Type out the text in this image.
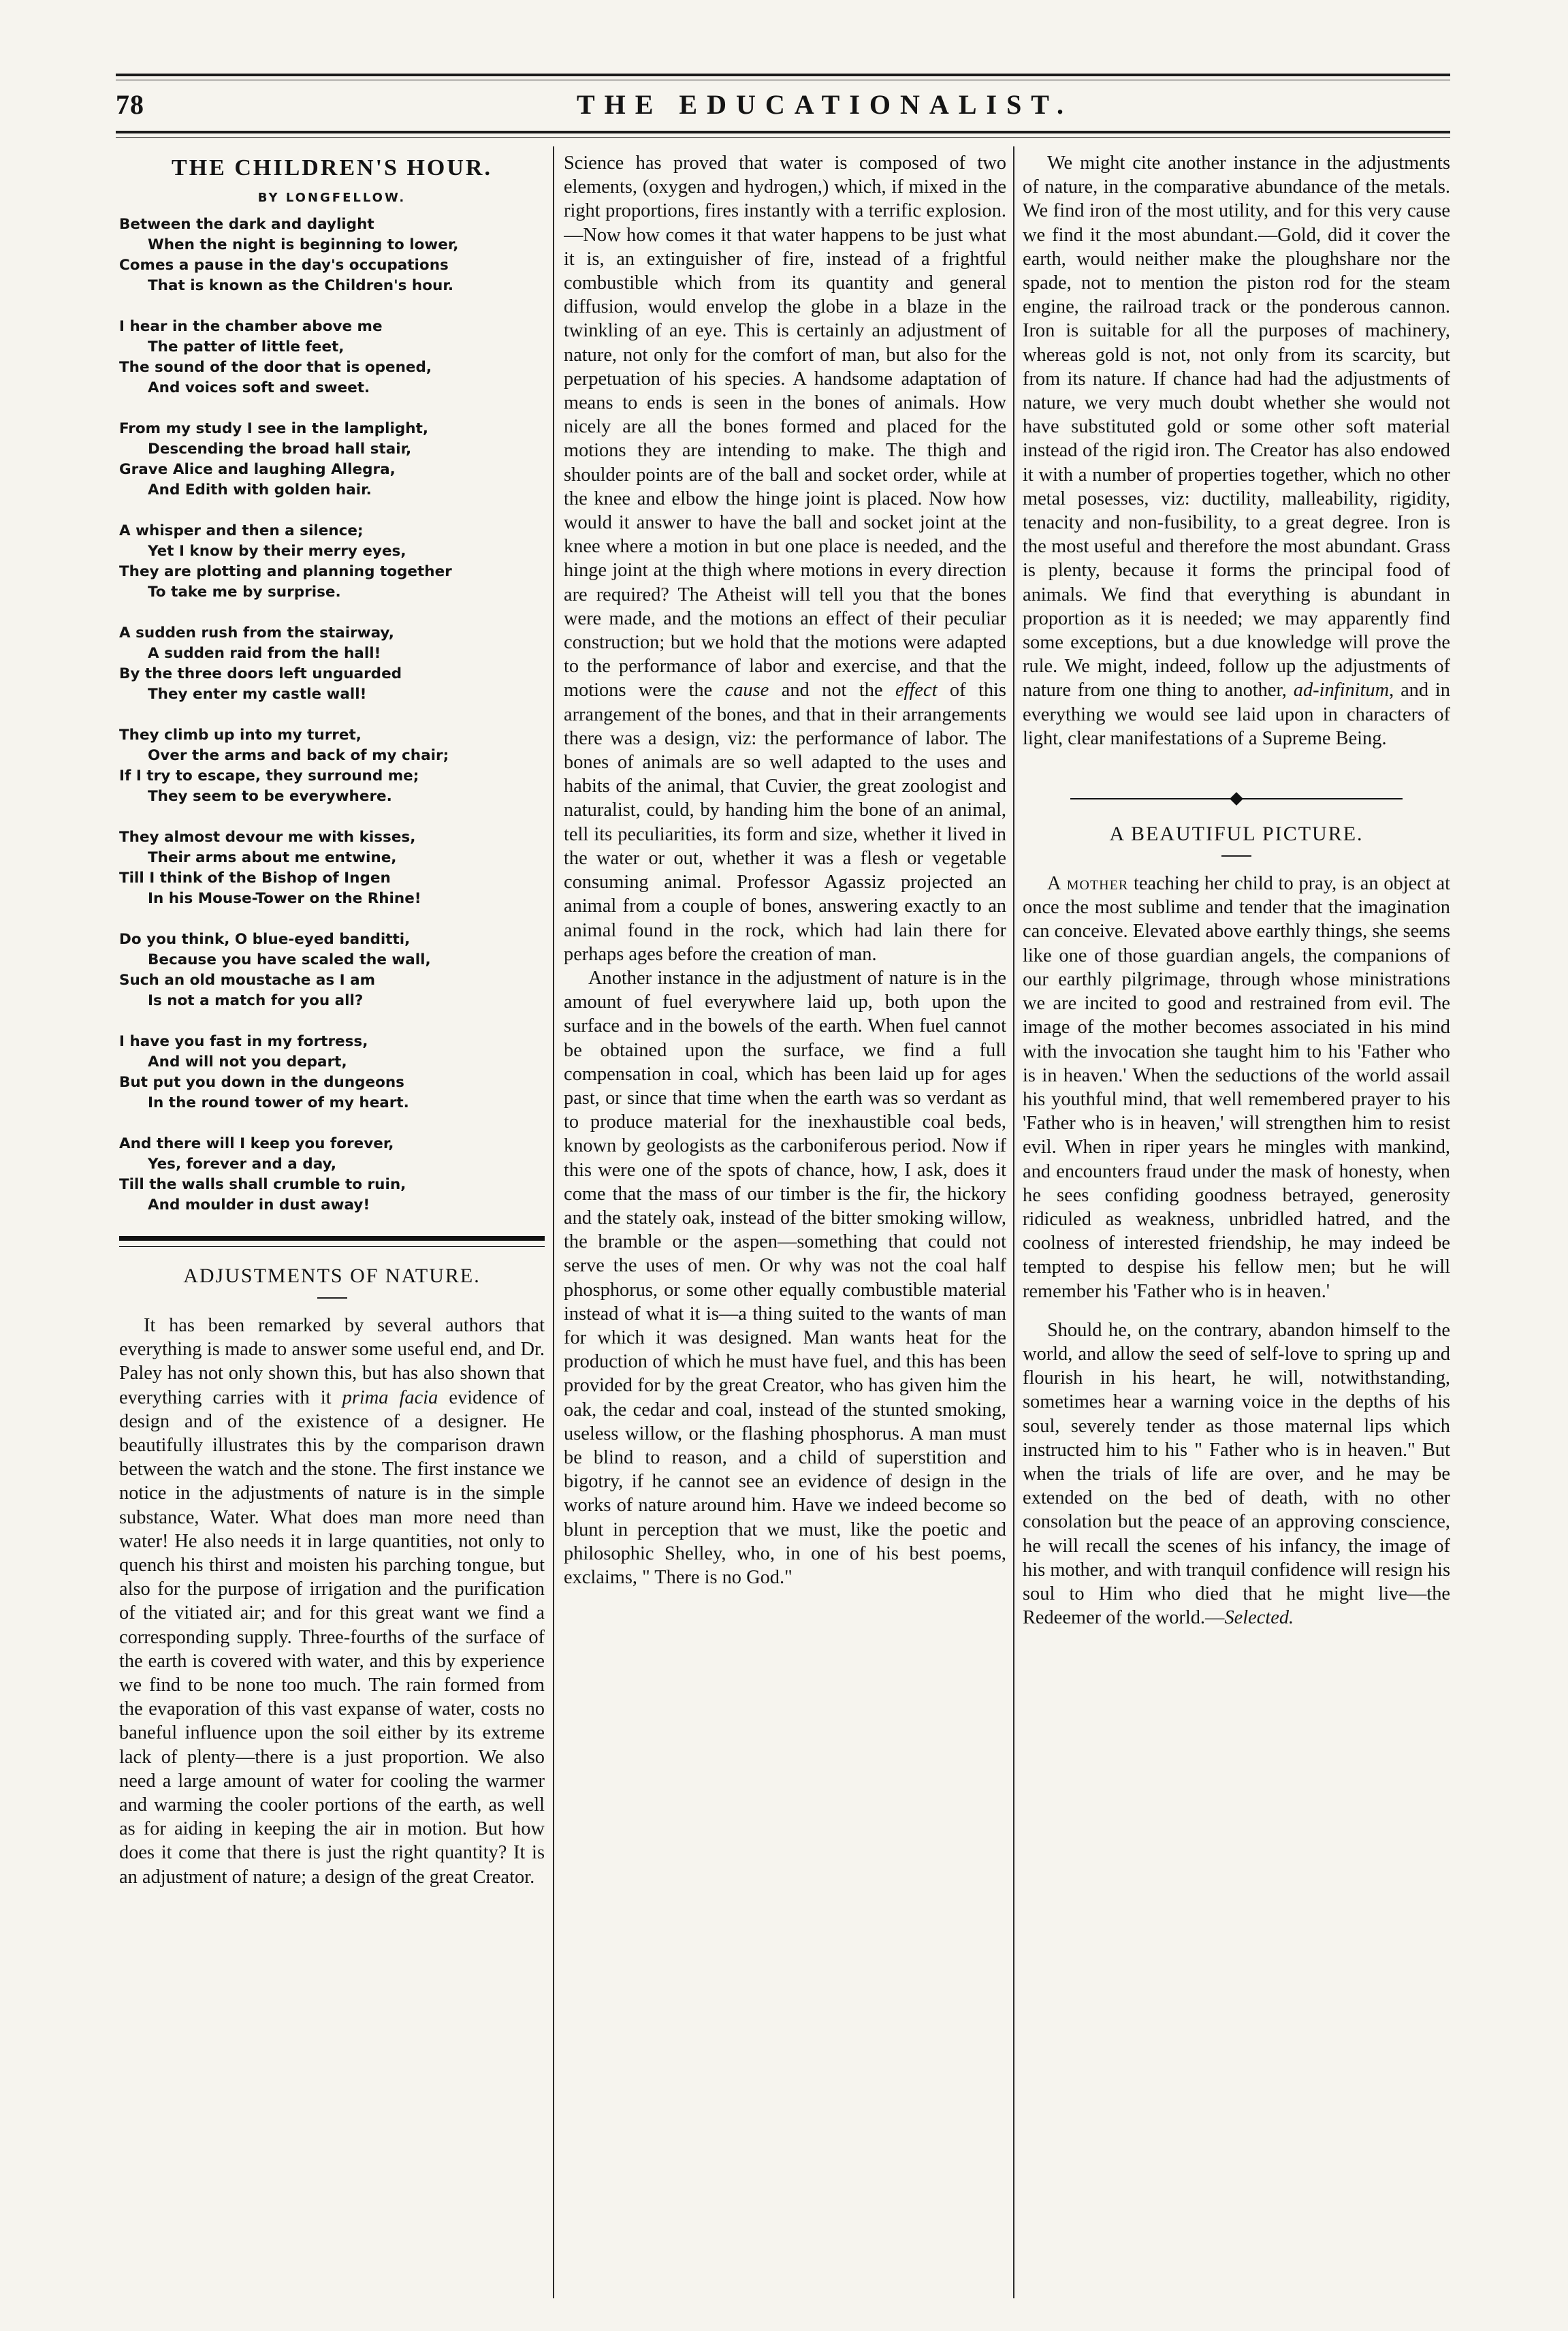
78	THE EDUCATIONALIST.
THE CHILDREN'S HOUR.
BY LONGFELLOW.
Between the dark and daylight
When the night is beginning to lower,
Comes a pause in the day's occupations
That is known as the Children's hour.
I hear in the chamber above me
The patter of little feet,
The sound of the door that is opened,
And voices soft and sweet.
From my study I see in the lamplight,
Descending the broad hall stair,
Grave Alice and laughing Allegra,
And Edith with golden hair.
A whisper and then a silence;
Yet I know by their merry eyes,
They are plotting and planning together
To take me by surprise.
A sudden rush from the stairway,
A sudden raid from the hall!
By the three doors left unguarded
They enter my castle wall!
They climb up into my turret,
Over the arms and back of my chair;
If I try to escape, they surround me;
They seem to be everywhere.
They almost devour me with kisses,
Their arms about me entwine,
Till I think of the Bishop of Ingen
In his Mouse-Tower on the Rhine!
Do you think, O blue-eyed banditti,
Because you have scaled the wall,
Such an old moustache as I am
Is not a match for you all?
I have you fast in my fortress,
And will not you depart,
But put you down in the dungeons
In the round tower of my heart.
And there will I keep you forever,
Yes, forever and a day,
Till the walls shall crumble to ruin,
And moulder in dust away!
ADJUSTMENTS OF NATURE.

It has been remarked by several authors that everything is made to answer some useful end, and Dr. Paley has not only shown this, but has also shown that everything carries with it prima facia evidence of design and of the existence of a designer. He beautifully illustrates this by the comparison drawn between the watch and the stone. The first instance we notice in the adjustments of nature is in the simple substance, Water. What does man more need than water! He also needs it in large quantities, not only to quench his thirst and moisten his parching tongue, but also for the purpose of irrigation and the purification of the vitiated air; and for this great want we find a corresponding supply. Three-fourths of the surface of the earth is covered with water, and this by experience we find to be none too much. The rain formed from the evaporation of this vast expanse of water, costs no baneful influence upon the soil either by its extreme lack of plenty—there is a just proportion. We also need a large amount of water for cooling the warmer and warming the cooler portions of the earth, as well as for aiding in keeping the air in motion. But how does it come that there is just the right quantity? It is an adjustment of nature; a design of the great Creator.

Science has proved that water is composed of two elements, (oxygen and hydrogen,) which, if mixed in the right proportions, fires instantly with a terrific explosion.—Now how comes it that water happens to be just what it is, an extinguisher of fire, instead of a frightful combustible which from its quantity and general diffusion, would envelop the globe in a blaze in the twinkling of an eye. This is certainly an adjustment of nature, not only for the comfort of man, but also for the perpetuation of his species. A handsome adaptation of means to ends is seen in the bones of animals. How nicely are all the bones formed and placed for the motions they are intending to make. The thigh and shoulder points are of the ball and socket order, while at the knee and elbow the hinge joint is placed. Now how would it answer to have the ball and socket joint at the knee where a motion in but one place is needed, and the hinge joint at the thigh where motions in every direction are required? The Atheist will tell you that the bones were made, and the motions an effect of their peculiar construction; but we hold that the motions were adapted to the performance of labor and exercise, and that the motions were the cause and not the effect of this arrangement of the bones, and that in their arrangements there was a design, viz: the performance of labor. The bones of animals are so well adapted to the uses and habits of the animal, that Cuvier, the great zoologist and naturalist, could, by handing him the bone of an animal, tell its peculiarities, its form and size, whether it lived in the water or out, whether it was a flesh or vegetable consuming animal. Professor Agassiz projected an animal from a couple of bones, answering exactly to an animal found in the rock, which had lain there for perhaps ages before the creation of man.

Another instance in the adjustment of nature is in the amount of fuel everywhere laid up, both upon the surface and in the bowels of the earth. When fuel cannot be obtained upon the surface, we find a full compensation in coal, which has been laid up for ages past, or since that time when the earth was so verdant as to produce material for the inexhaustible coal beds, known by geologists as the carboniferous period. Now if this were one of the spots of chance, how, I ask, does it come that the mass of our timber is the fir, the hickory and the stately oak, instead of the bitter smoking willow, the bramble or the aspen—something that could not serve the uses of men. Or why was not the coal half phosphorus, or some other equally combustible material instead of what it is—a thing suited to the wants of man for which it was designed. Man wants heat for the production of which he must have fuel, and this has been provided for by the great Creator, who has given him the oak, the cedar and coal, instead of the stunted smoking, useless willow, or the flashing phosphorus. A man must be blind to reason, and a child of superstition and bigotry, if he cannot see an evidence of design in the works of nature around him. Have we indeed become so blunt in perception that we must, like the poetic and philosophic Shelley, who, in one of his best poems, exclaims, " There is no God."

We might cite another instance in the adjustments of nature, in the comparative abundance of the metals. We find iron of the most utility, and for this very cause we find it the most abundant.—Gold, did it cover the earth, would neither make the ploughshare nor the spade, not to mention the piston rod for the steam engine, the railroad track or the ponderous cannon. Iron is suitable for all the purposes of machinery, whereas gold is not, not only from its scarcity, but from its nature. If chance had had the adjustments of nature, we very much doubt whether she would not have substituted gold or some other soft material instead of the rigid iron. The Creator has also endowed it with a number of properties together, which no other metal posesses, viz: ductility, malleability, rigidity, tenacity and non-fusibility, to a great degree. Iron is the most useful and therefore the most abundant. Grass is plenty, because it forms the principal food of animals. We find that everything is abundant in proportion as it is needed; we may apparently find some exceptions, but a due knowledge will prove the rule. We might, indeed, follow up the adjustments of nature from one thing to another, ad-infinitum, and in everything we would see laid upon in characters of light, clear manifestations of a Supreme Being.

A BEAUTIFUL PICTURE.

A mother teaching her child to pray, is an object at once the most sublime and tender that the imagination can conceive. Elevated above earthly things, she seems like one of those guardian angels, the companions of our earthly pilgrimage, through whose ministrations we are incited to good and restrained from evil. The image of the mother becomes associated in his mind with the invocation she taught him to his 'Father who is in heaven.' When the seductions of the world assail his youthful mind, that well remembered prayer to his 'Father who is in heaven,' will strengthen him to resist evil. When in riper years he mingles with mankind, and encounters fraud under the mask of honesty, when he sees confiding goodness betrayed, generosity ridiculed as weakness, unbridled hatred, and the coolness of interested friendship, he may indeed be tempted to despise his fellow men; but he will remember his 'Father who is in heaven.'

Should he, on the contrary, abandon himself to the world, and allow the seed of self-love to spring up and flourish in his heart, he will, notwithstanding, sometimes hear a warning voice in the depths of his soul, severely tender as those maternal lips which instructed him to his " Father who is in heaven." But when the trials of life are over, and he may be extended on the bed of death, with no other consolation but the peace of an approving conscience, he will recall the scenes of his infancy, the image of his mother, and with tranquil confidence will resign his soul to Him who died that he might live—the Redeemer of the world.—Selected.
